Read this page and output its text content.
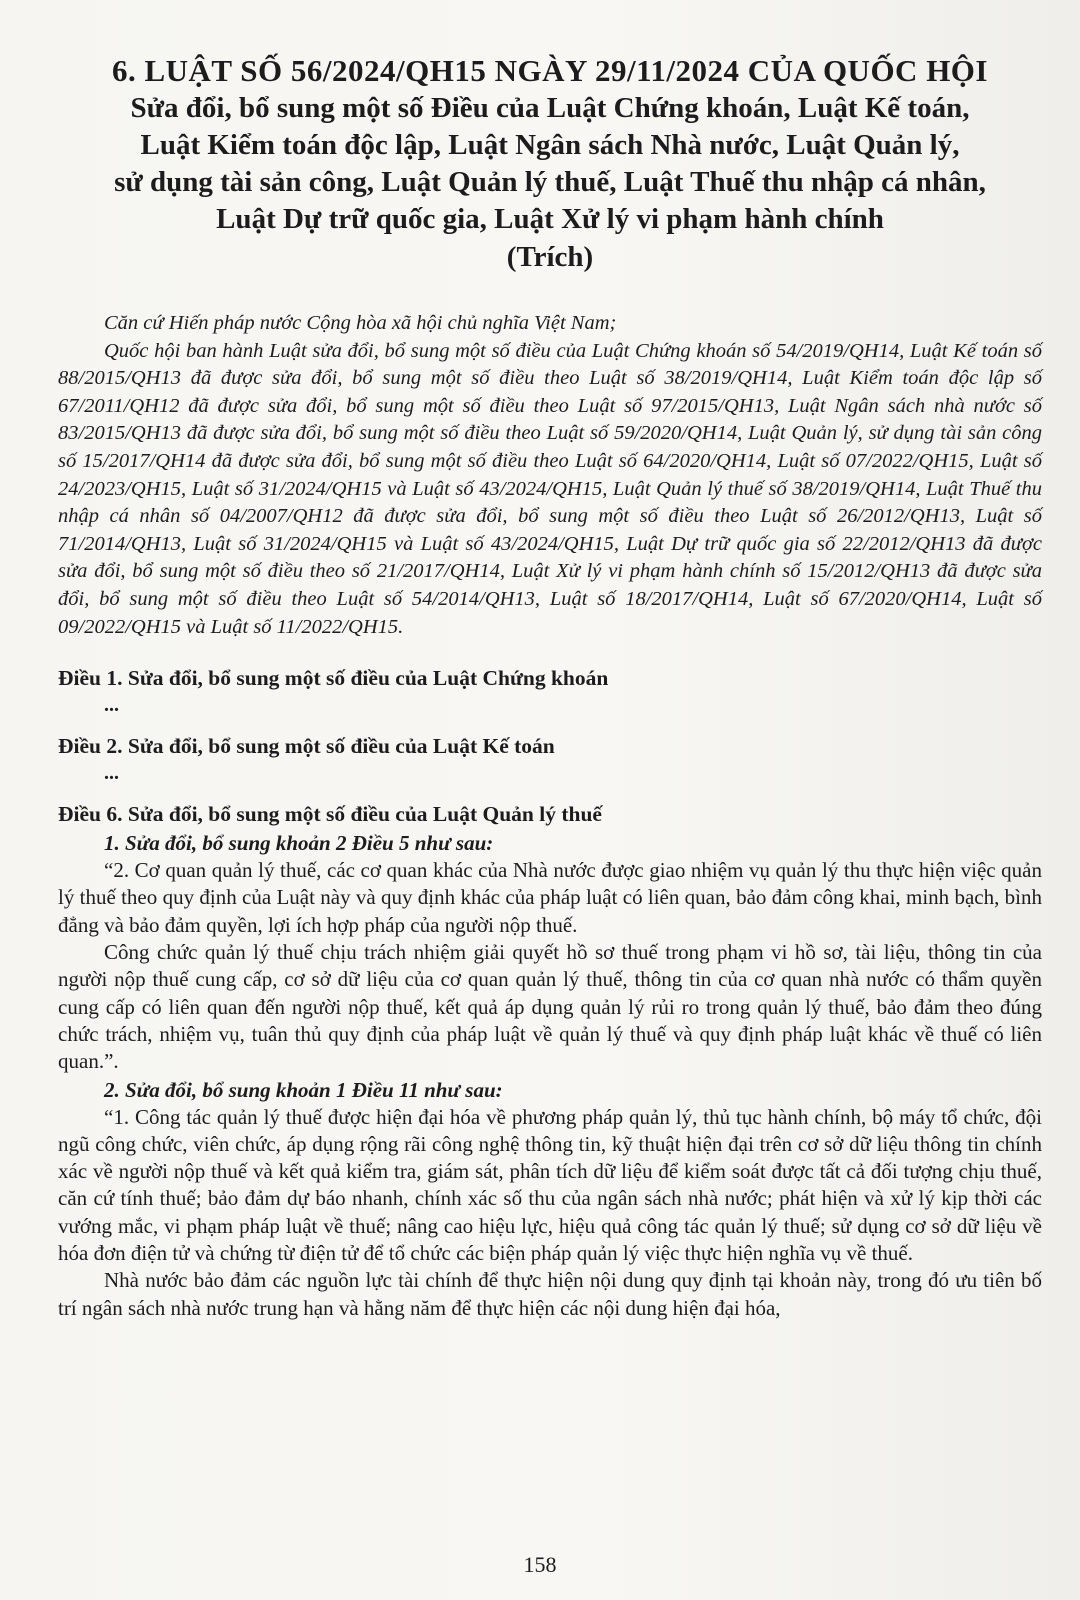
6. LUẬT SỐ 56/2024/QH15 NGÀY 29/11/2024 CỦA QUỐC HỘI
Sửa đổi, bổ sung một số Điều của Luật Chứng khoán, Luật Kế toán,
Luật Kiểm toán độc lập, Luật Ngân sách Nhà nước, Luật Quản lý,
sử dụng tài sản công, Luật Quản lý thuế, Luật Thuế thu nhập cá nhân,
Luật Dự trữ quốc gia, Luật Xử lý vi phạm hành chính
(Trích)

Căn cứ Hiến pháp nước Cộng hòa xã hội chủ nghĩa Việt Nam;

Quốc hội ban hành Luật sửa đổi, bổ sung một số điều của Luật Chứng khoán số 54/2019/QH14, Luật Kế toán số 88/2015/QH13 đã được sửa đổi, bổ sung một số điều theo Luật số 38/2019/QH14, Luật Kiểm toán độc lập số 67/2011/QH12 đã được sửa đổi, bổ sung một số điều theo Luật số 97/2015/QH13, Luật Ngân sách nhà nước số 83/2015/QH13 đã được sửa đổi, bổ sung một số điều theo Luật số 59/2020/QH14, Luật Quản lý, sử dụng tài sản công số 15/2017/QH14 đã được sửa đổi, bổ sung một số điều theo Luật số 64/2020/QH14, Luật số 07/2022/QH15, Luật số 24/2023/QH15, Luật số 31/2024/QH15 và Luật số 43/2024/QH15, Luật Quản lý thuế số 38/2019/QH14, Luật Thuế thu nhập cá nhân số 04/2007/QH12 đã được sửa đổi, bổ sung một số điều theo Luật số 26/2012/QH13, Luật số 71/2014/QH13, Luật số 31/2024/QH15 và Luật số 43/2024/QH15, Luật Dự trữ quốc gia số 22/2012/QH13 đã được sửa đổi, bổ sung một số điều theo số 21/2017/QH14, Luật Xử lý vi phạm hành chính số 15/2012/QH13 đã được sửa đổi, bổ sung một số điều theo Luật số 54/2014/QH13, Luật số 18/2017/QH14, Luật số 67/2020/QH14, Luật số 09/2022/QH15 và Luật số 11/2022/QH15.

Điều 1. Sửa đổi, bổ sung một số điều của Luật Chứng khoán
...
Điều 2. Sửa đổi, bổ sung một số điều của Luật Kế toán
...
Điều 6. Sửa đổi, bổ sung một số điều của Luật Quản lý thuế
1. Sửa đổi, bổ sung khoản 2 Điều 5 như sau:

“2. Cơ quan quản lý thuế, các cơ quan khác của Nhà nước được giao nhiệm vụ quản lý thu thực hiện việc quản lý thuế theo quy định của Luật này và quy định khác của pháp luật có liên quan, bảo đảm công khai, minh bạch, bình đẳng và bảo đảm quyền, lợi ích hợp pháp của người nộp thuế.

Công chức quản lý thuế chịu trách nhiệm giải quyết hồ sơ thuế trong phạm vi hồ sơ, tài liệu, thông tin của người nộp thuế cung cấp, cơ sở dữ liệu của cơ quan quản lý thuế, thông tin của cơ quan nhà nước có thẩm quyền cung cấp có liên quan đến người nộp thuế, kết quả áp dụng quản lý rủi ro trong quản lý thuế, bảo đảm theo đúng chức trách, nhiệm vụ, tuân thủ quy định của pháp luật về quản lý thuế và quy định pháp luật khác về thuế có liên quan.”.

2. Sửa đổi, bổ sung khoản 1 Điều 11 như sau:

“1. Công tác quản lý thuế được hiện đại hóa về phương pháp quản lý, thủ tục hành chính, bộ máy tổ chức, đội ngũ công chức, viên chức, áp dụng rộng rãi công nghệ thông tin, kỹ thuật hiện đại trên cơ sở dữ liệu thông tin chính xác về người nộp thuế và kết quả kiểm tra, giám sát, phân tích dữ liệu để kiểm soát được tất cả đối tượng chịu thuế, căn cứ tính thuế; bảo đảm dự báo nhanh, chính xác số thu của ngân sách nhà nước; phát hiện và xử lý kịp thời các vướng mắc, vi phạm pháp luật về thuế; nâng cao hiệu lực, hiệu quả công tác quản lý thuế; sử dụng cơ sở dữ liệu về hóa đơn điện tử và chứng từ điện tử để tổ chức các biện pháp quản lý việc thực hiện nghĩa vụ về thuế.

Nhà nước bảo đảm các nguồn lực tài chính để thực hiện nội dung quy định tại khoản này, trong đó ưu tiên bố trí ngân sách nhà nước trung hạn và hằng năm để thực hiện các nội dung hiện đại hóa,

158
